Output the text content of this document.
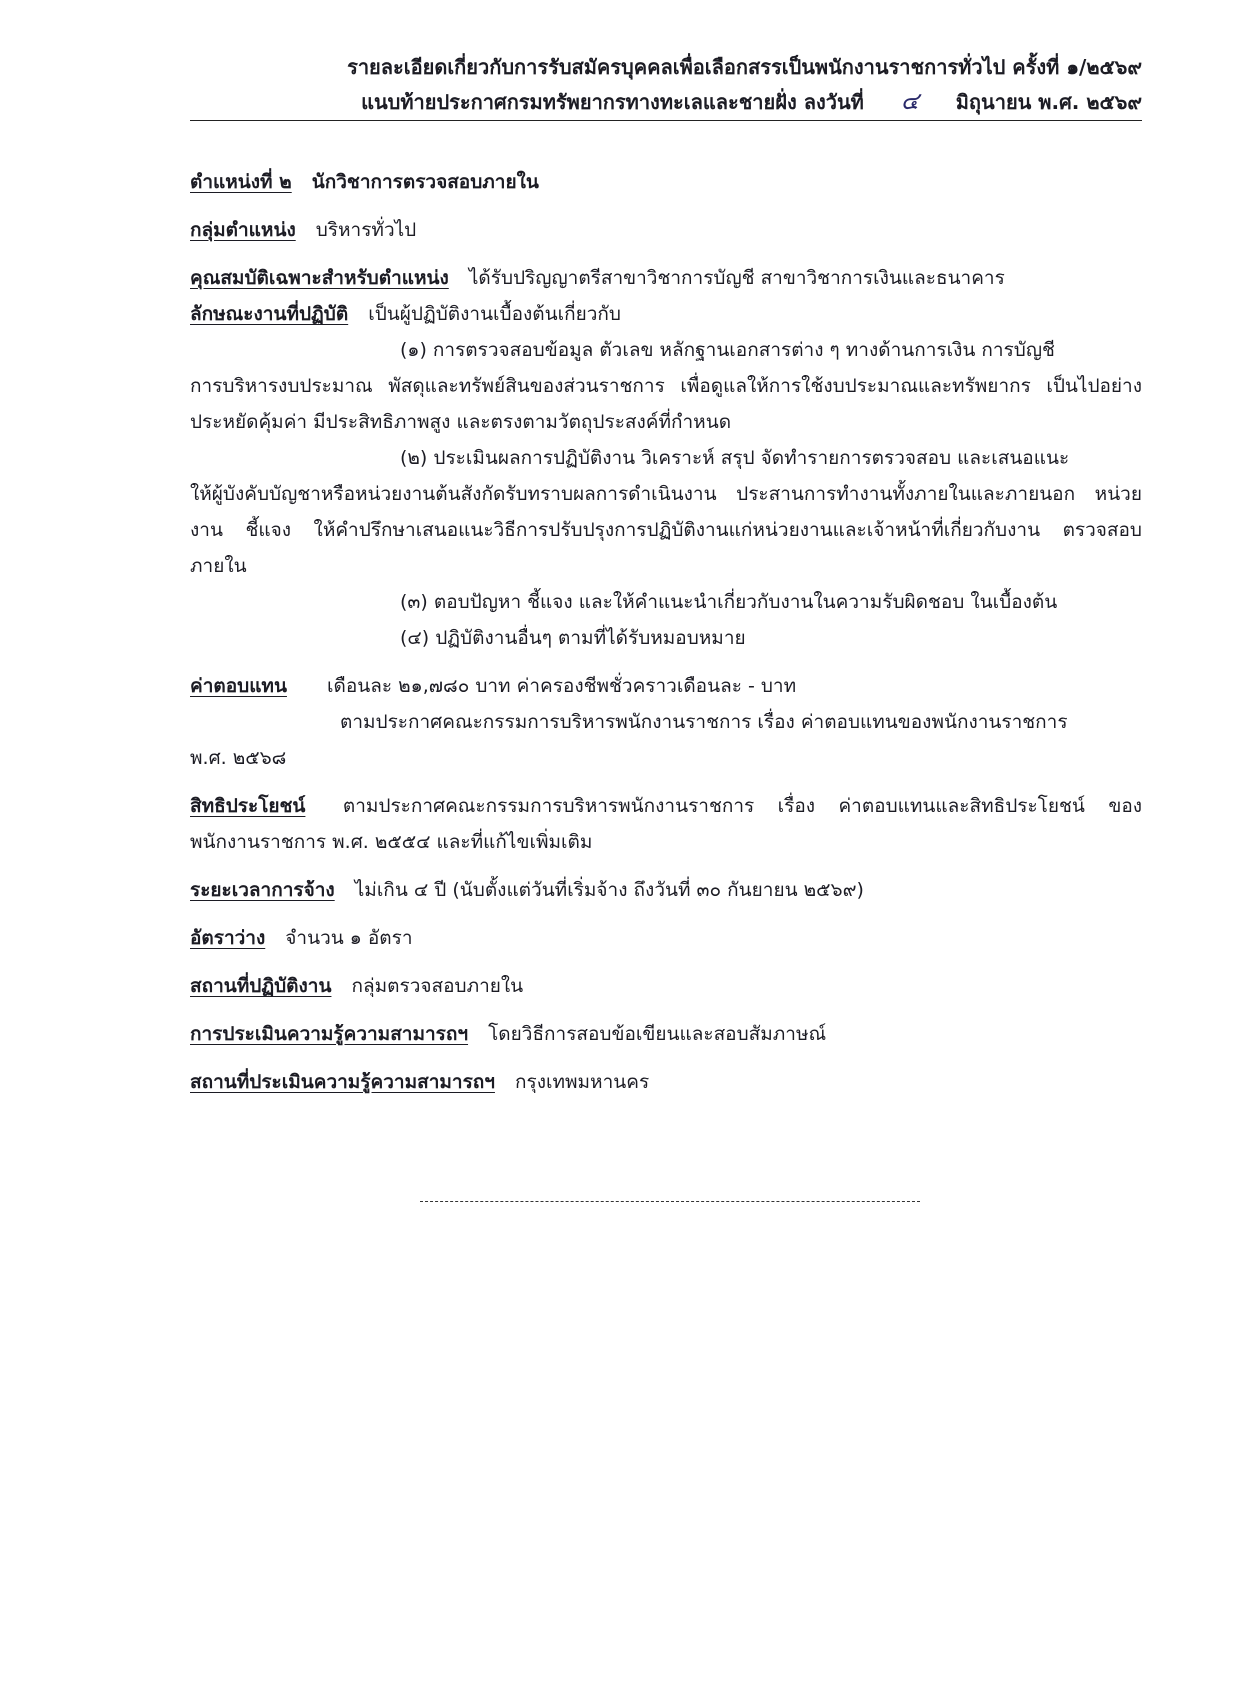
รายละเอียดเกี่ยวกับการรับสมัครบุคคลเพื่อเลือกสรรเป็นพนักงานราชการทั่วไป ครั้งที่ ๑/๒๕๖๙
แนบท้ายประกาศกรมทรัพยากรทางทะเลและชายฝั่ง ลงวันที่ ๔ มิถุนายน พ.ศ. ๒๕๖๙
ตำแหน่งที่ ๒ นักวิชาการตรวจสอบภายใน
กลุ่มตำแหน่ง บริหารทั่วไป
คุณสมบัติเฉพาะสำหรับตำแหน่ง ได้รับปริญญาตรีสาขาวิชาการบัญชี สาขาวิชาการเงินและธนาคาร
ลักษณะงานที่ปฏิบัติ เป็นผู้ปฏิบัติงานเบื้องต้นเกี่ยวกับ
(๑) การตรวจสอบข้อมูล ตัวเลข หลักฐานเอกสารต่าง ๆ ทางด้านการเงิน การบัญชี
การบริหารงบประมาณ พัสดุและทรัพย์สินของส่วนราชการ เพื่อดูแลให้การใช้งบประมาณและทรัพยากร เป็นไปอย่างประหยัดคุ้มค่า มีประสิทธิภาพสูง และตรงตามวัตถุประสงค์ที่กำหนด
(๒) ประเมินผลการปฏิบัติงาน วิเคราะห์ สรุป จัดทำรายการตรวจสอบ และเสนอแนะ
ให้ผู้บังคับบัญชาหรือหน่วยงานต้นสังกัดรับทราบผลการดำเนินงาน ประสานการทำงานทั้งภายในและภายนอก หน่วยงาน ชี้แจง ให้คำปรึกษาเสนอแนะวิธีการปรับปรุงการปฏิบัติงานแก่หน่วยงานและเจ้าหน้าที่เกี่ยวกับงาน ตรวจสอบภายใน
(๓) ตอบปัญหา ชี้แจง และให้คำแนะนำเกี่ยวกับงานในความรับผิดชอบ ในเบื้องต้น
(๔) ปฏิบัติงานอื่นๆ ตามที่ได้รับหมอบหมาย
ค่าตอบแทน เดือนละ ๒๑,๗๘๐ บาท ค่าครองชีพชั่วคราวเดือนละ - บาท
ตามประกาศคณะกรรมการบริหารพนักงานราชการ เรื่อง ค่าตอบแทนของพนักงานราชการ
พ.ศ. ๒๕๖๘
สิทธิประโยชน์ ตามประกาศคณะกรรมการบริหารพนักงานราชการ เรื่อง ค่าตอบแทนและสิทธิประโยชน์ ของพนักงานราชการ พ.ศ. ๒๕๕๔ และที่แก้ไขเพิ่มเติม
ระยะเวลาการจ้าง ไม่เกิน ๔ ปี (นับตั้งแต่วันที่เริ่มจ้าง ถึงวันที่ ๓๐ กันยายน ๒๕๖๙)
อัตราว่าง จำนวน ๑ อัตรา
สถานที่ปฏิบัติงาน กลุ่มตรวจสอบภายใน
การประเมินความรู้ความสามารถฯ โดยวิธีการสอบข้อเขียนและสอบสัมภาษณ์
สถานที่ประเมินความรู้ความสามารถฯ กรุงเทพมหานคร
